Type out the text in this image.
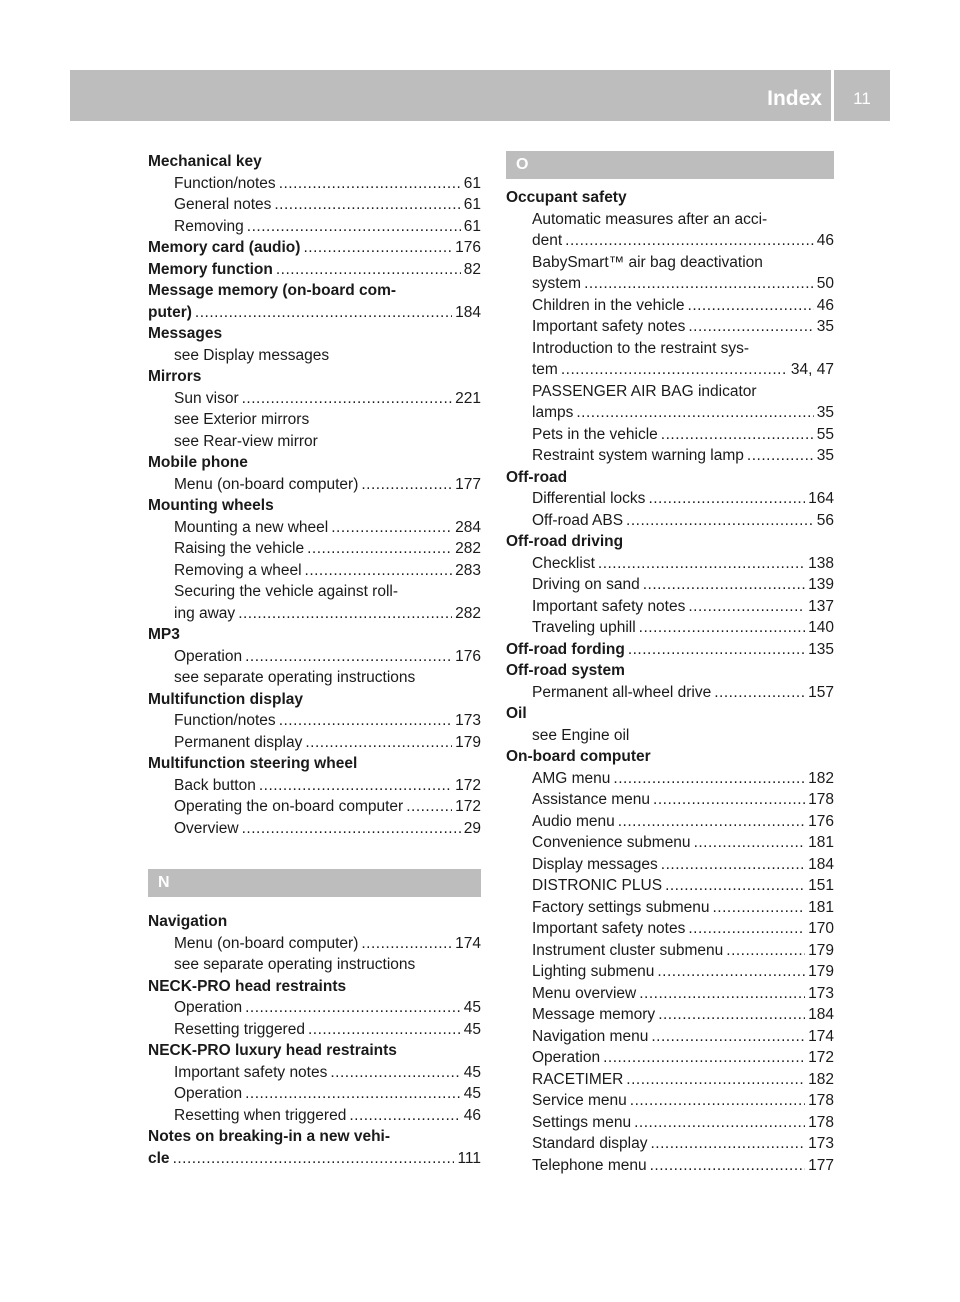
Index	11
Mechanical key
Function/notes .....	61
General notes .....	61
Removing .....	61
Memory card (audio) .....	176
Memory function .....	82
Message memory (on-board com-
puter) .....	184
Messages
see Display messages
Mirrors
Sun visor .....	221
see Exterior mirrors
see Rear-view mirror
Mobile phone
Menu (on-board computer) .....	177
Mounting wheels
Mounting a new wheel .....	284
Raising the vehicle .....	282
Removing a wheel .....	283
Securing the vehicle against roll-
ing away .....	282
MP3
Operation .....	176
see separate operating instructions
Multifunction display
Function/notes .....	173
Permanent display .....	179
Multifunction steering wheel
Back button .....	172
Operating the on-board computer .....	172
Overview .....	29
N
Navigation
Menu (on-board computer) .....	174
see separate operating instructions
NECK-PRO head restraints
Operation .....	45
Resetting triggered .....	45
NECK-PRO luxury head restraints
Important safety notes .....	45
Operation .....	45
Resetting when triggered .....	46
Notes on breaking-in a new vehi-
cle .....	111
O
Occupant safety
Automatic measures after an acci-
dent .....	46
BabySmart™ air bag deactivation
system .....	50
Children in the vehicle .....	46
Important safety notes .....	35
Introduction to the restraint sys-
tem .....	34, 47
PASSENGER AIR BAG indicator
lamps .....	35
Pets in the vehicle .....	55
Restraint system warning lamp .....	35
Off-road
Differential locks .....	164
Off-road ABS .....	56
Off-road driving
Checklist .....	138
Driving on sand .....	139
Important safety notes .....	137
Traveling uphill .....	140
Off-road fording .....	135
Off-road system
Permanent all-wheel drive .....	157
Oil
see Engine oil
On-board computer
AMG menu .....	182
Assistance menu .....	178
Audio menu .....	176
Convenience submenu .....	181
Display messages .....	184
DISTRONIC PLUS .....	151
Factory settings submenu .....	181
Important safety notes .....	170
Instrument cluster submenu .....	179
Lighting submenu .....	179
Menu overview .....	173
Message memory .....	184
Navigation menu .....	174
Operation .....	172
RACETIMER .....	182
Service menu .....	178
Settings menu .....	178
Standard display .....	173
Telephone menu .....	177
